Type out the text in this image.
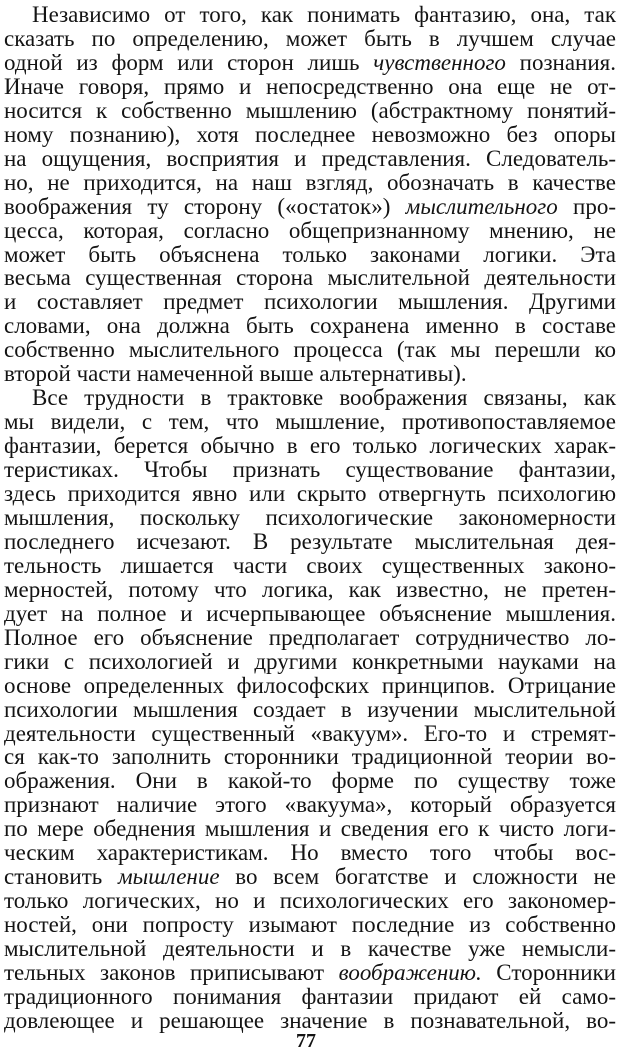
Независимо от того, как понимать фантазию, она, так
сказать по определению, может быть в лучшем случае
одной из форм или сторон лишь чувственного познания.
Иначе говоря, прямо и непосредственно она еще не от-
носится к собственно мышлению (абстрактному понятий-
ному познанию), хотя последнее невозможно без опоры
на ощущения, восприятия и представления. Следователь-
но, не приходится, на наш взгляд, обозначать в качестве
воображения ту сторону («остаток») мыслительного про-
цесса, которая, согласно общепризнанному мнению, не
может быть объяснена только законами логики. Эта
весьма существенная сторона мыслительной деятельности
и составляет предмет психологии мышления. Другими
словами, она должна быть сохранена именно в составе
собственно мыслительного процесса (так мы перешли ко
второй части намеченной выше альтернативы).
Все трудности в трактовке воображения связаны, как
мы видели, с тем, что мышление, противопоставляемое
фантазии, берется обычно в его только логических харак-
теристиках. Чтобы признать существование фантазии,
здесь приходится явно или скрыто отвергнуть психологию
мышления, поскольку психологические закономерности
последнего исчезают. В результате мыслительная дея-
тельность лишается части своих существенных законо-
мерностей, потому что логика, как известно, не претен-
дует на полное и исчерпывающее объяснение мышления.
Полное его объяснение предполагает сотрудничество ло-
гики с психологией и другими конкретными науками на
основе определенных философских принципов. Отрицание
психологии мышления создает в изучении мыслительной
деятельности существенный «вакуум». Его-то и стремят-
ся как-то заполнить сторонники традиционной теории во-
ображения. Они в какой-то форме по существу тоже
признают наличие этого «вакуума», который образуется
по мере обеднения мышления и сведения его к чисто логи-
ческим характеристикам. Но вместо того чтобы вос-
становить мышление во всем богатстве и сложности не
только логических, но и психологических его закономер-
ностей, они попросту изымают последние из собственно
мыслительной деятельности и в качестве уже немысли-
тельных законов приписывают воображению. Сторонники
традиционного понимания фантазии придают ей само-
довлеющее и решающее значение в познавательной, во-
77
